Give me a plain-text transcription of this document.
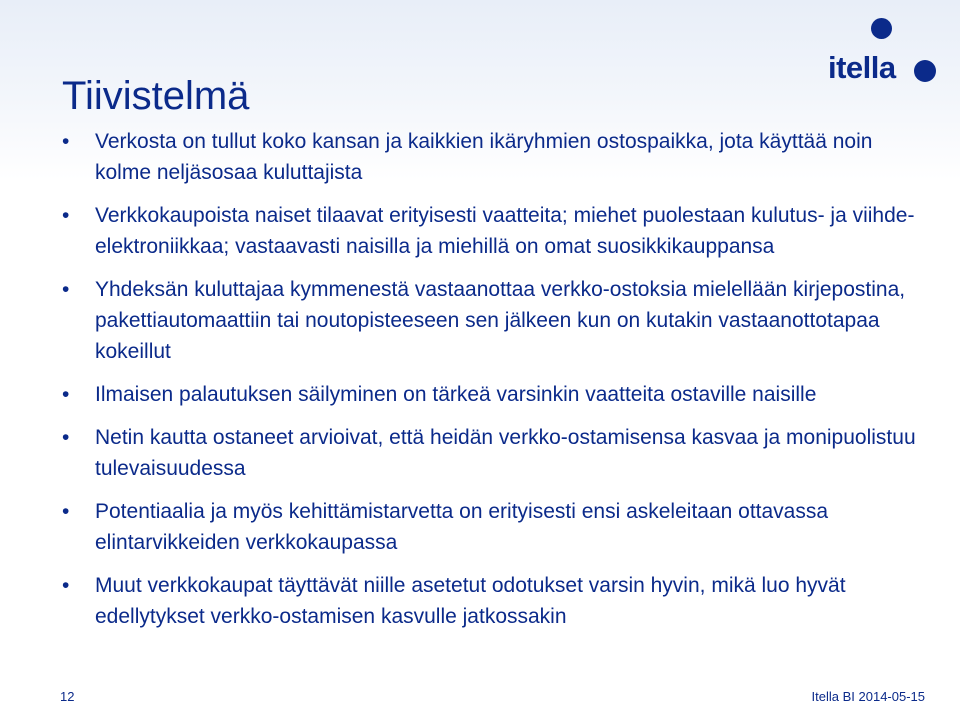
itella
Tiivistelmä
• Verkosta on tullut koko kansan ja kaikkien ikäryhmien ostospaikka, jota käyttää noin kolme neljäsosaa kuluttajista
• Verkkokaupoista naiset tilaavat erityisesti vaatteita; miehet puolestaan kulutus- ja viihde-elektroniikkaa; vastaavasti naisilla ja miehillä on omat suosikkikauppansa
• Yhdeksän kuluttajaa kymmenestä vastaanottaa verkko-ostoksia mielellään kirjepostina, pakettiautomaattiin tai noutopisteeseen sen jälkeen kun on kutakin vastaanottotapaa kokeillut
• Ilmaisen palautuksen säilyminen on tärkeä varsinkin vaatteita ostaville naisille
• Netin kautta ostaneet arvioivat, että heidän verkko-ostamisensa kasvaa ja monipuolistuu tulevaisuudessa
• Potentiaalia ja myös kehittämistarvetta on erityisesti ensi askeleitaan ottavassa elintarvikkeiden verkkokaupassa
• Muut verkkokaupat täyttävät niille asetetut odotukset varsin hyvin, mikä luo hyvät edellytykset verkko-ostamisen kasvulle jatkossakin
12	Itella BI 2014-05-15
